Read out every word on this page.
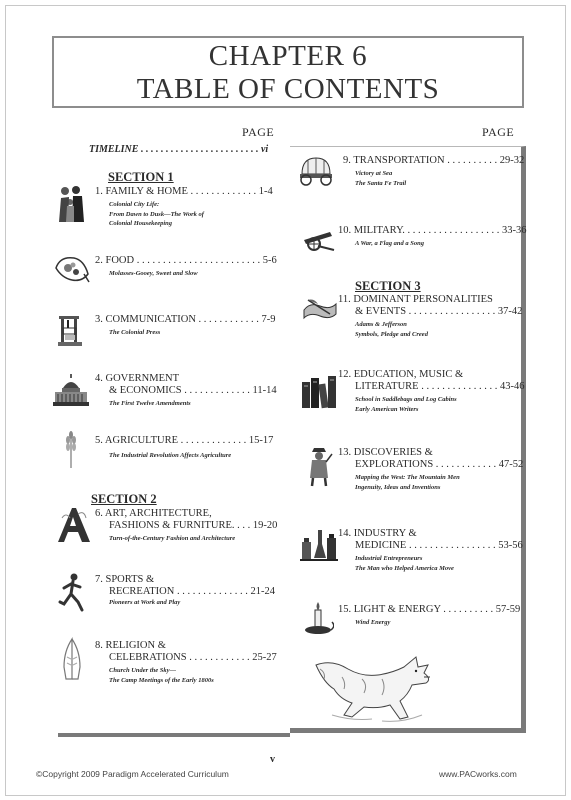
CHAPTER 6
TABLE OF CONTENTS
PAGE	PAGE
TIMELINE . . . . . . . . . . . . . . . . . . . . . . . . vi
SECTION 1
SECTION 2
SECTION 3
1. FAMILY & HOME . . . . . . . . . . . . . 1-4
Colonial City Life:
From Dawn to Dusk—The Work of
Colonial Housekeeping
2. FOOD . . . . . . . . . . . . . . . . . . . . . . . . 5-6
Molasses-Gooey, Sweet and Slow
3. COMMUNICATION . . . . . . . . . . . . 7-9
The Colonial Press
4. GOVERNMENT
& ECONOMICS . . . . . . . . . . . . . 11-14
The First Twelve Amendments
5. AGRICULTURE . . . . . . . . . . . . . 15-17
The Industrial Revolution Affects Agriculture
6. ART, ARCHITECTURE,
FASHIONS & FURNITURE. . . . 19-20
Turn-of-the-Century Fashion and Architecture
7. SPORTS &
RECREATION . . . . . . . . . . . . . . 21-24
Pioneers at Work and Play
8. RELIGION &
CELEBRATIONS . . . . . . . . . . . . 25-27
Church Under the Sky—
The Camp Meetings of the Early 1800s
9. TRANSPORTATION . . . . . . . . . . 29-32
Victory at Sea
The Santa Fe Trail
10. MILITARY. . . . . . . . . . . . . . . . . . . 33-36
A War, a Flag and a Song
11. DOMINANT PERSONALITIES
& EVENTS . . . . . . . . . . . . . . . . . 37-42
Adams & Jefferson
Symbols, Pledge and Creed
12. EDUCATION, MUSIC &
LITERATURE . . . . . . . . . . . . . . . 43-46
School in Saddlebags and Log Cabins
Early American Writers
13. DISCOVERIES &
EXPLORATIONS . . . . . . . . . . . . 47-52
Mapping the West: The Mountain Men
Ingenuity, Ideas and Inventions
14. INDUSTRY &
MEDICINE . . . . . . . . . . . . . . . . . 53-56
Industrial Entrepreneurs
The Man who Helped America Move
15. LIGHT & ENERGY . . . . . . . . . . 57-59
Wind Energy
v
©Copyright 2009 Paradigm Accelerated Curriculum	www.PACworks.com
